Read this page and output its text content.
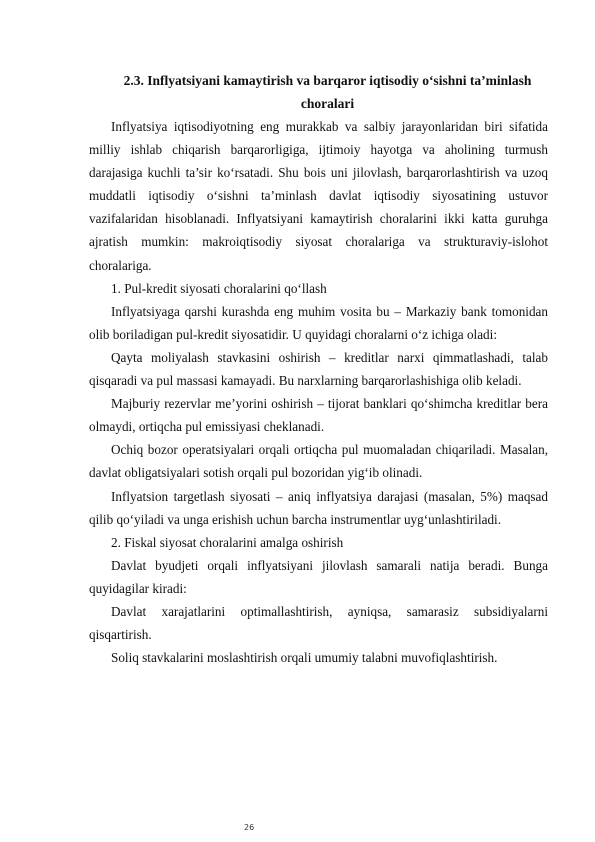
2.3. Inflyatsiyani kamaytirish va barqaror iqtisodiy o‘sishni ta’minlash choralari

Inflyatsiya iqtisodiyotning eng murakkab va salbiy jarayonlaridan biri sifatida milliy ishlab chiqarish barqarorligiga, ijtimoiy hayotga va aholining turmush darajasiga kuchli ta’sir ko‘rsatadi. Shu bois uni jilovlash, barqarorlashtirish va uzoq muddatli iqtisodiy o‘sishni ta’minlash davlat iqtisodiy siyosatining ustuvor vazifalaridan hisoblanadi. Inflyatsiyani kamaytirish choralarini ikki katta guruhga ajratish mumkin: makroiqtisodiy siyosat choralariga va strukturaviy-islohot choralariga.

1. Pul-kredit siyosati choralarini qo‘llash

Inflyatsiyaga qarshi kurashda eng muhim vosita bu – Markaziy bank tomonidan olib boriladigan pul-kredit siyosatidir. U quyidagi choralarni o‘z ichiga oladi:

Qayta moliyalash stavkasini oshirish – kreditlar narxi qimmatlashadi, talab qisqaradi va pul massasi kamayadi. Bu narxlarning barqarorlashishiga olib keladi.

Majburiy rezervlar me’yorini oshirish – tijorat banklari qo‘shimcha kreditlar bera olmaydi, ortiqcha pul emissiyasi cheklanadi.

Ochiq bozor operatsiyalari orqali ortiqcha pul muomaladan chiqariladi. Masalan, davlat obligatsiyalari sotish orqali pul bozoridan yig‘ib olinadi.

Inflyatsion targetlash siyosati – aniq inflyatsiya darajasi (masalan, 5%) maqsad qilib qo‘yiladi va unga erishish uchun barcha instrumentlar uyg‘unlashtiriladi.

2. Fiskal siyosat choralarini amalga oshirish

Davlat byudjeti orqali inflyatsiyani jilovlash samarali natija beradi. Bunga quyidagilar kiradi:

Davlat xarajatlarini optimallashtirish, ayniqsa, samarasiz subsidiyalarni qisqartirish.

Soliq stavkalarini moslashtirish orqali umumiy talabni muvofiqlashtirish.

26
